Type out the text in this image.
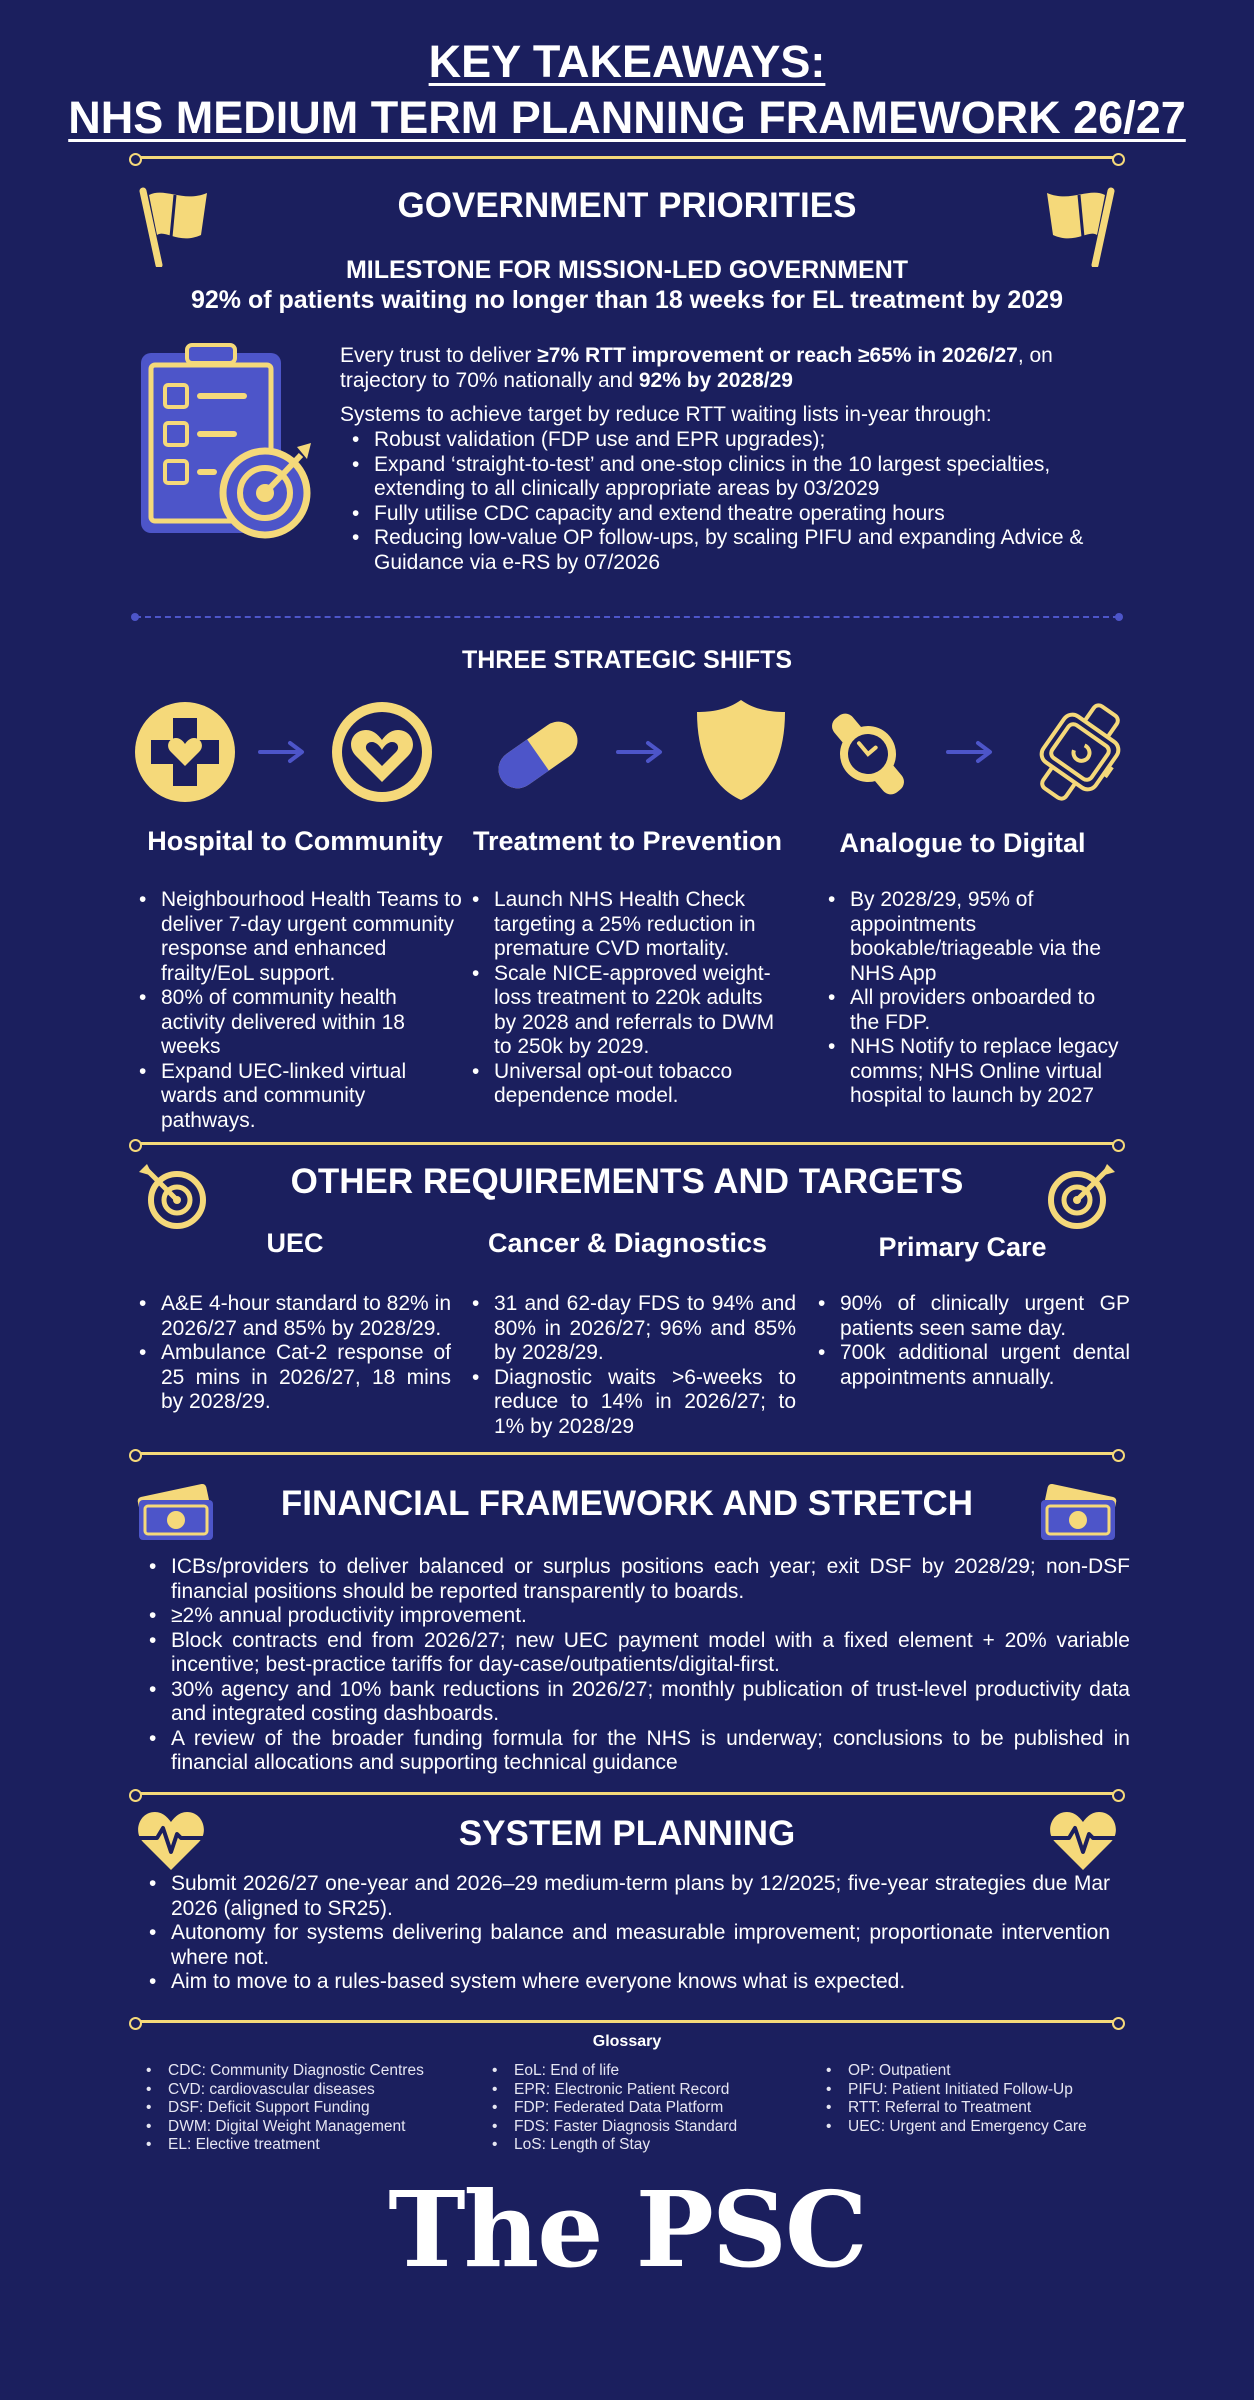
KEY TAKEAWAYS:
NHS MEDIUM TERM PLANNING FRAMEWORK 26/27
GOVERNMENT PRIORITIES
MILESTONE FOR MISSION-LED GOVERNMENT
92% of patients waiting no longer than 18 weeks for EL treatment by 2029
Every trust to deliver ≥7% RTT improvement or reach ≥65% in 2026/27, on trajectory to 70% nationally and 92% by 2028/29
Systems to achieve target by reduce RTT waiting lists in-year through:
• Robust validation (FDP use and EPR upgrades);
• Expand ‘straight-to-test’ and one-stop clinics in the 10 largest specialties, extending to all clinically appropriate areas by 03/2029
• Fully utilise CDC capacity and extend theatre operating hours
• Reducing low-value OP follow-ups, by scaling PIFU and expanding Advice & Guidance via e-RS by 07/2026
THREE STRATEGIC SHIFTS
Hospital to Community	Treatment to Prevention	Analogue to Digital
• Neighbourhood Health Teams to deliver 7-day urgent community response and enhanced frailty/EoL support.
• 80% of community health activity delivered within 18 weeks
• Expand UEC-linked virtual wards and community pathways.
• Launch NHS Health Check targeting a 25% reduction in premature CVD mortality.
• Scale NICE-approved weight-loss treatment to 220k adults by 2028 and referrals to DWM to 250k by 2029.
• Universal opt-out tobacco dependence model.
• By 2028/29, 95% of appointments bookable/triageable via the NHS App
• All providers onboarded to the FDP.
• NHS Notify to replace legacy comms; NHS Online virtual hospital to launch by 2027
OTHER REQUIREMENTS AND TARGETS
UEC	Cancer & Diagnostics	Primary Care
• A&E 4-hour standard to 82% in 2026/27 and 85% by 2028/29.
• Ambulance Cat-2 response of 25 mins in 2026/27, 18 mins by 2028/29.
• 31 and 62-day FDS to 94% and 80% in 2026/27; 96% and 85% by 2028/29.
• Diagnostic waits >6-weeks to reduce to 14% in 2026/27; to 1% by 2028/29
• 90% of clinically urgent GP patients seen same day.
• 700k additional urgent dental appointments annually.
FINANCIAL FRAMEWORK AND STRETCH
• ICBs/providers to deliver balanced or surplus positions each year; exit DSF by 2028/29; non-DSF financial positions should be reported transparently to boards.
• ≥2% annual productivity improvement.
• Block contracts end from 2026/27; new UEC payment model with a fixed element + 20% variable incentive; best-practice tariffs for day-case/outpatients/digital-first.
• 30% agency and 10% bank reductions in 2026/27; monthly publication of trust-level productivity data and integrated costing dashboards.
• A review of the broader funding formula for the NHS is underway; conclusions to be published in financial allocations and supporting technical guidance
SYSTEM PLANNING
• Submit 2026/27 one-year and 2026–29 medium-term plans by 12/2025; five-year strategies due Mar 2026 (aligned to SR25).
• Autonomy for systems delivering balance and measurable improvement; proportionate intervention where not.
• Aim to move to a rules-based system where everyone knows what is expected.
Glossary
• CDC: Community Diagnostic Centres
• CVD: cardiovascular diseases
• DSF: Deficit Support Funding
• DWM: Digital Weight Management
• EL: Elective treatment
• EoL: End of life
• EPR: Electronic Patient Record
• FDP: Federated Data Platform
• FDS: Faster Diagnosis Standard
• LoS: Length of Stay
• OP: Outpatient
• PIFU: Patient Initiated Follow-Up
• RTT: Referral to Treatment
• UEC: Urgent and Emergency Care
The PSC
